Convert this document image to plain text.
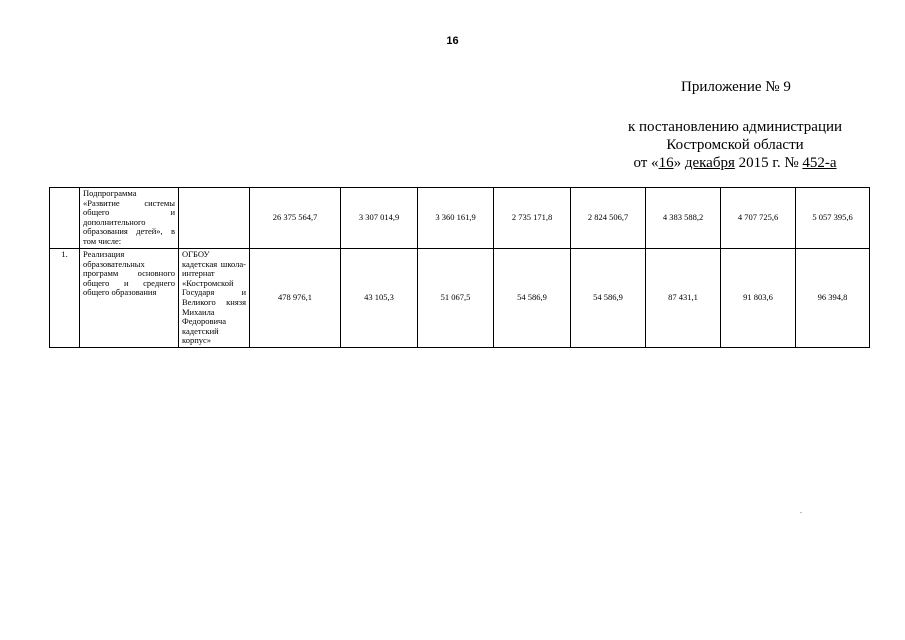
16
Приложение № 9
к постановлению администрации
Костромской области
от «16» декабря 2015 г. № 452-а
	Подпрограмма «Развитие системы общего и дополнительного образования детей», в том числе:		26 375 564,7	3 307 014,9	3 360 161,9	2 735 171,8	2 824 506,7	4 383 588,2	4 707 725,6	5 057 395,6
1.	Реализация образовательных программ основного общего и среднего общего образования	ОГБОУ кадетская школа-интернат «Костромской Государя и Великого князя Михаила Федоровича кадетский корпус»	478 976,1	43 105,3	51 067,5	54 586,9	54 586,9	87 431,1	91 803,6	96 394,8
